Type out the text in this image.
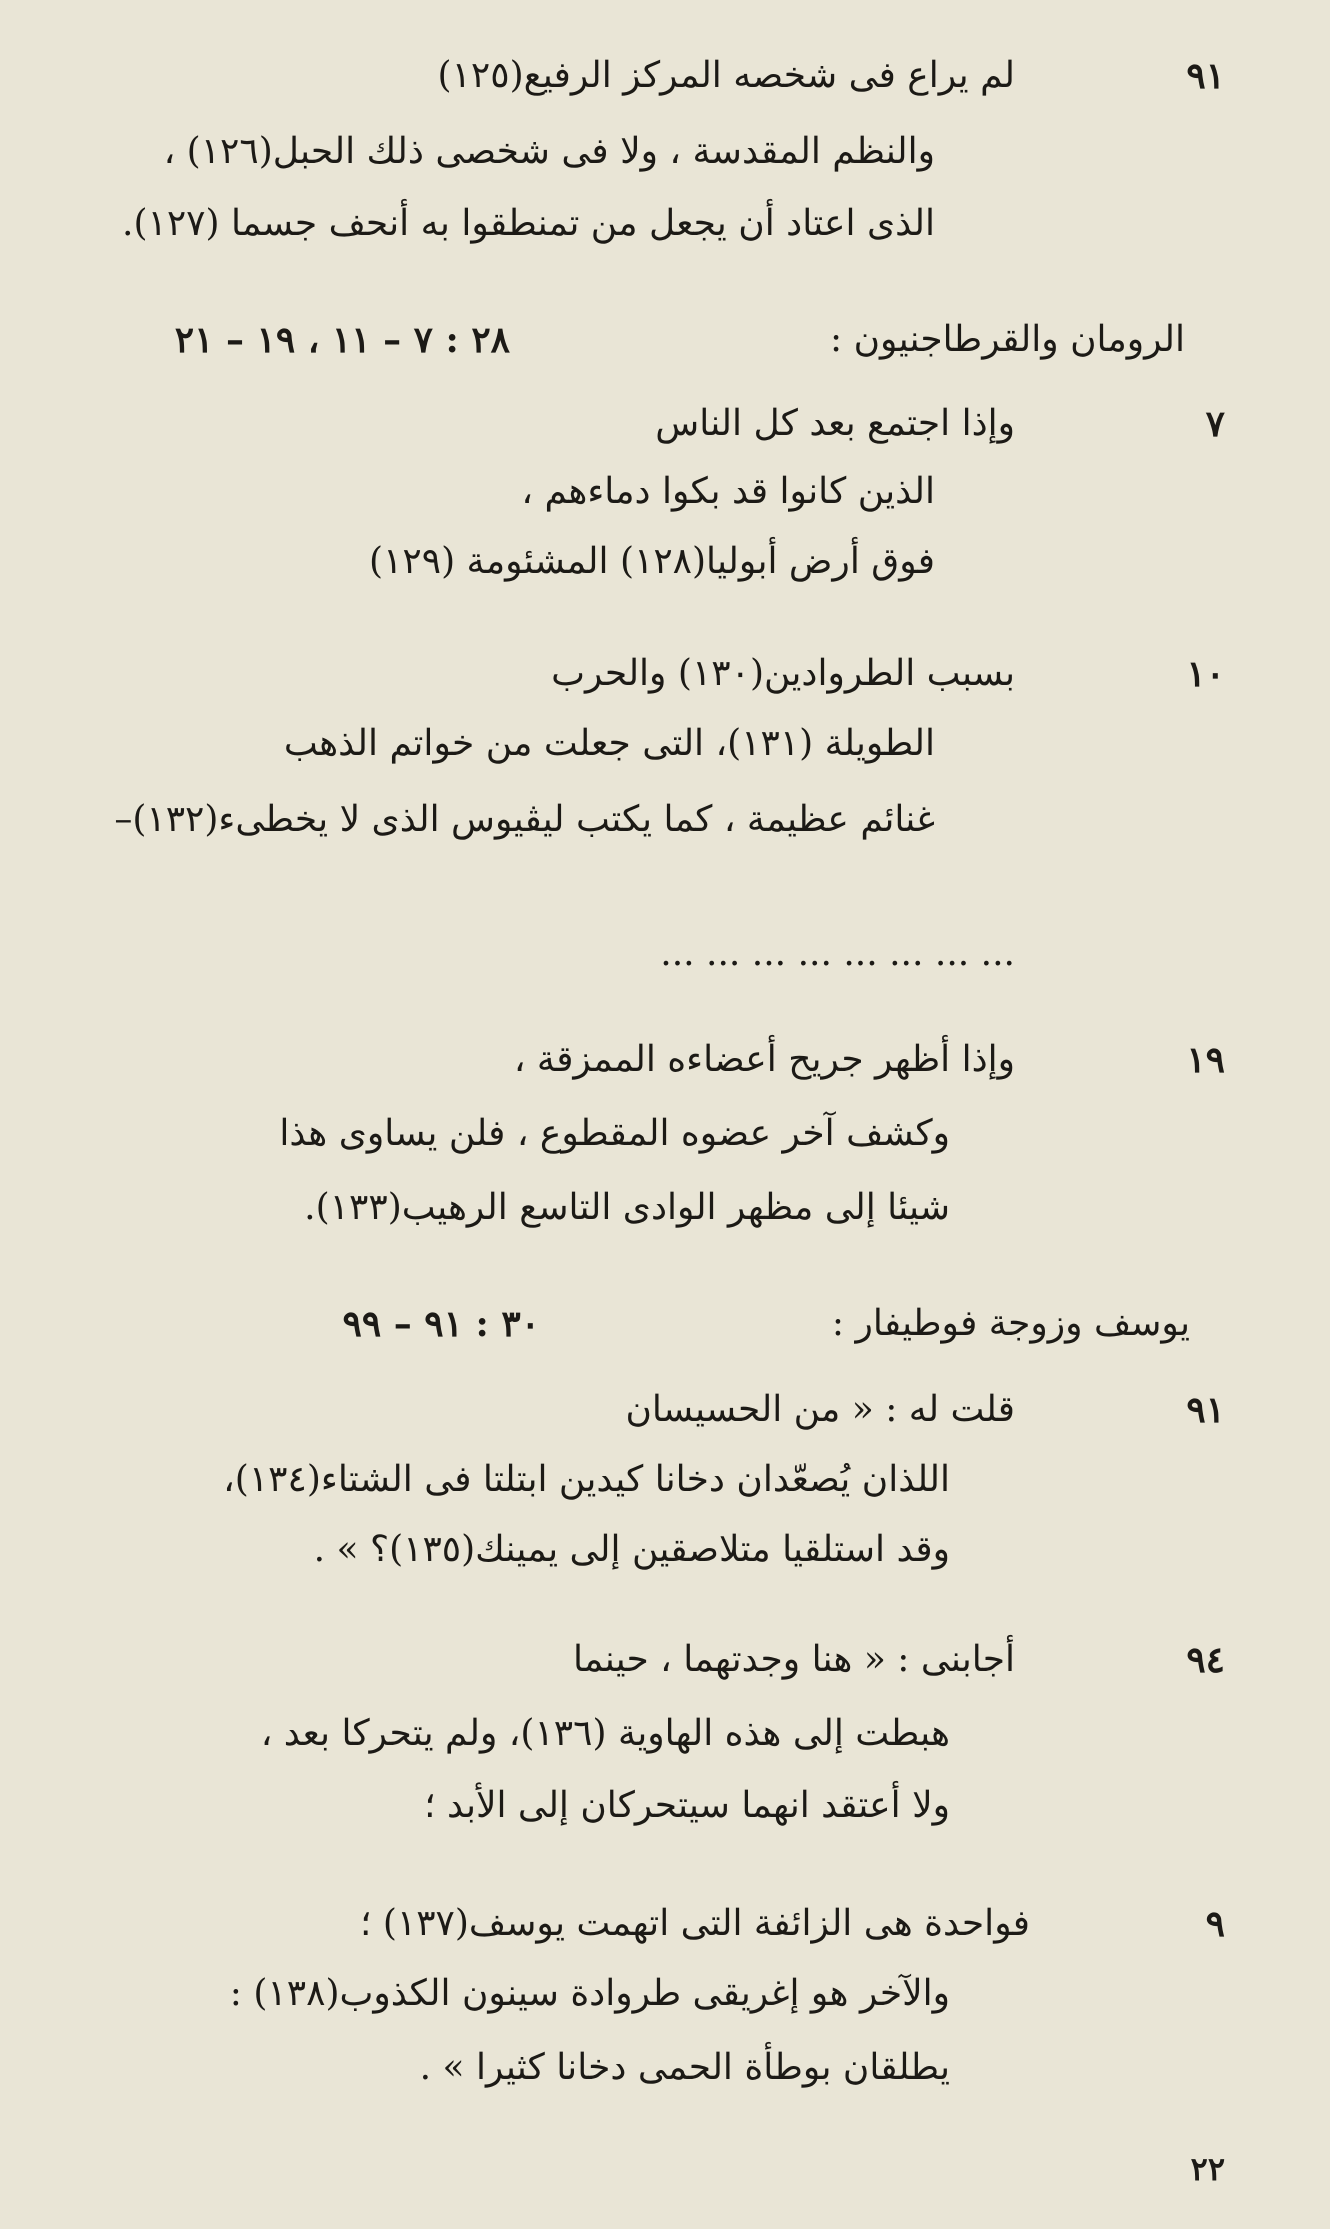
٩١

لم يراع فى شخصه المركز الرفيع(١٢٥)

والنظم المقدسة ، ولا فى شخصى ذلك الحبل(١٢٦) ،

الذى اعتاد أن يجعل من تمنطقوا به أنحف جسما (١٢٧).

الرومان والقرطاجنيون :
٢٨ : ٧ – ١١ ، ١٩ – ٢١
٧

وإذا اجتمع بعد كل الناس

الذين كانوا قد بكوا دماءهم ،

فوق أرض أبوليا(١٢٨) المشئومة (١٢٩)

١٠

بسبب الطروادين(١٣٠) والحرب

الطويلة (١٣١)، التى جعلت من خواتم الذهب

غنائم عظيمة ، كما يكتب ليڤيوس الذى لا يخطىء(١٣٢)–

... ... ... ... ... ... ... ...

١٩

وإذا أظهر جريح أعضاءه الممزقة ،

وكشف آخر عضوه المقطوع ، فلن يساوى هذا

شيئا إلى مظهر الوادى التاسع الرهيب(١٣٣).

يوسف وزوجة فوطيفار :
٣٠ : ٩١ – ٩٩
٩١

قلت له : « من الحسيسان

اللذان يُصعّدان دخانا كيدين ابتلتا فى الشتاء(١٣٤)،

وقد استلقيا متلاصقين إلى يمينك(١٣٥)؟ » .

٩٤

أجابنى : « هنا وجدتهما ، حينما

هبطت إلى هذه الهاوية (١٣٦)، ولم يتحركا بعد ،

ولا أعتقد انهما سيتحركان إلى الأبد ؛

٩

فواحدة هى الزائفة التى اتهمت يوسف(١٣٧) ؛

والآخر هو إغريقى طروادة سينون الكذوب(١٣٨) :

يطلقان بوطأة الحمى دخانا كثيرا » .

٢٢
